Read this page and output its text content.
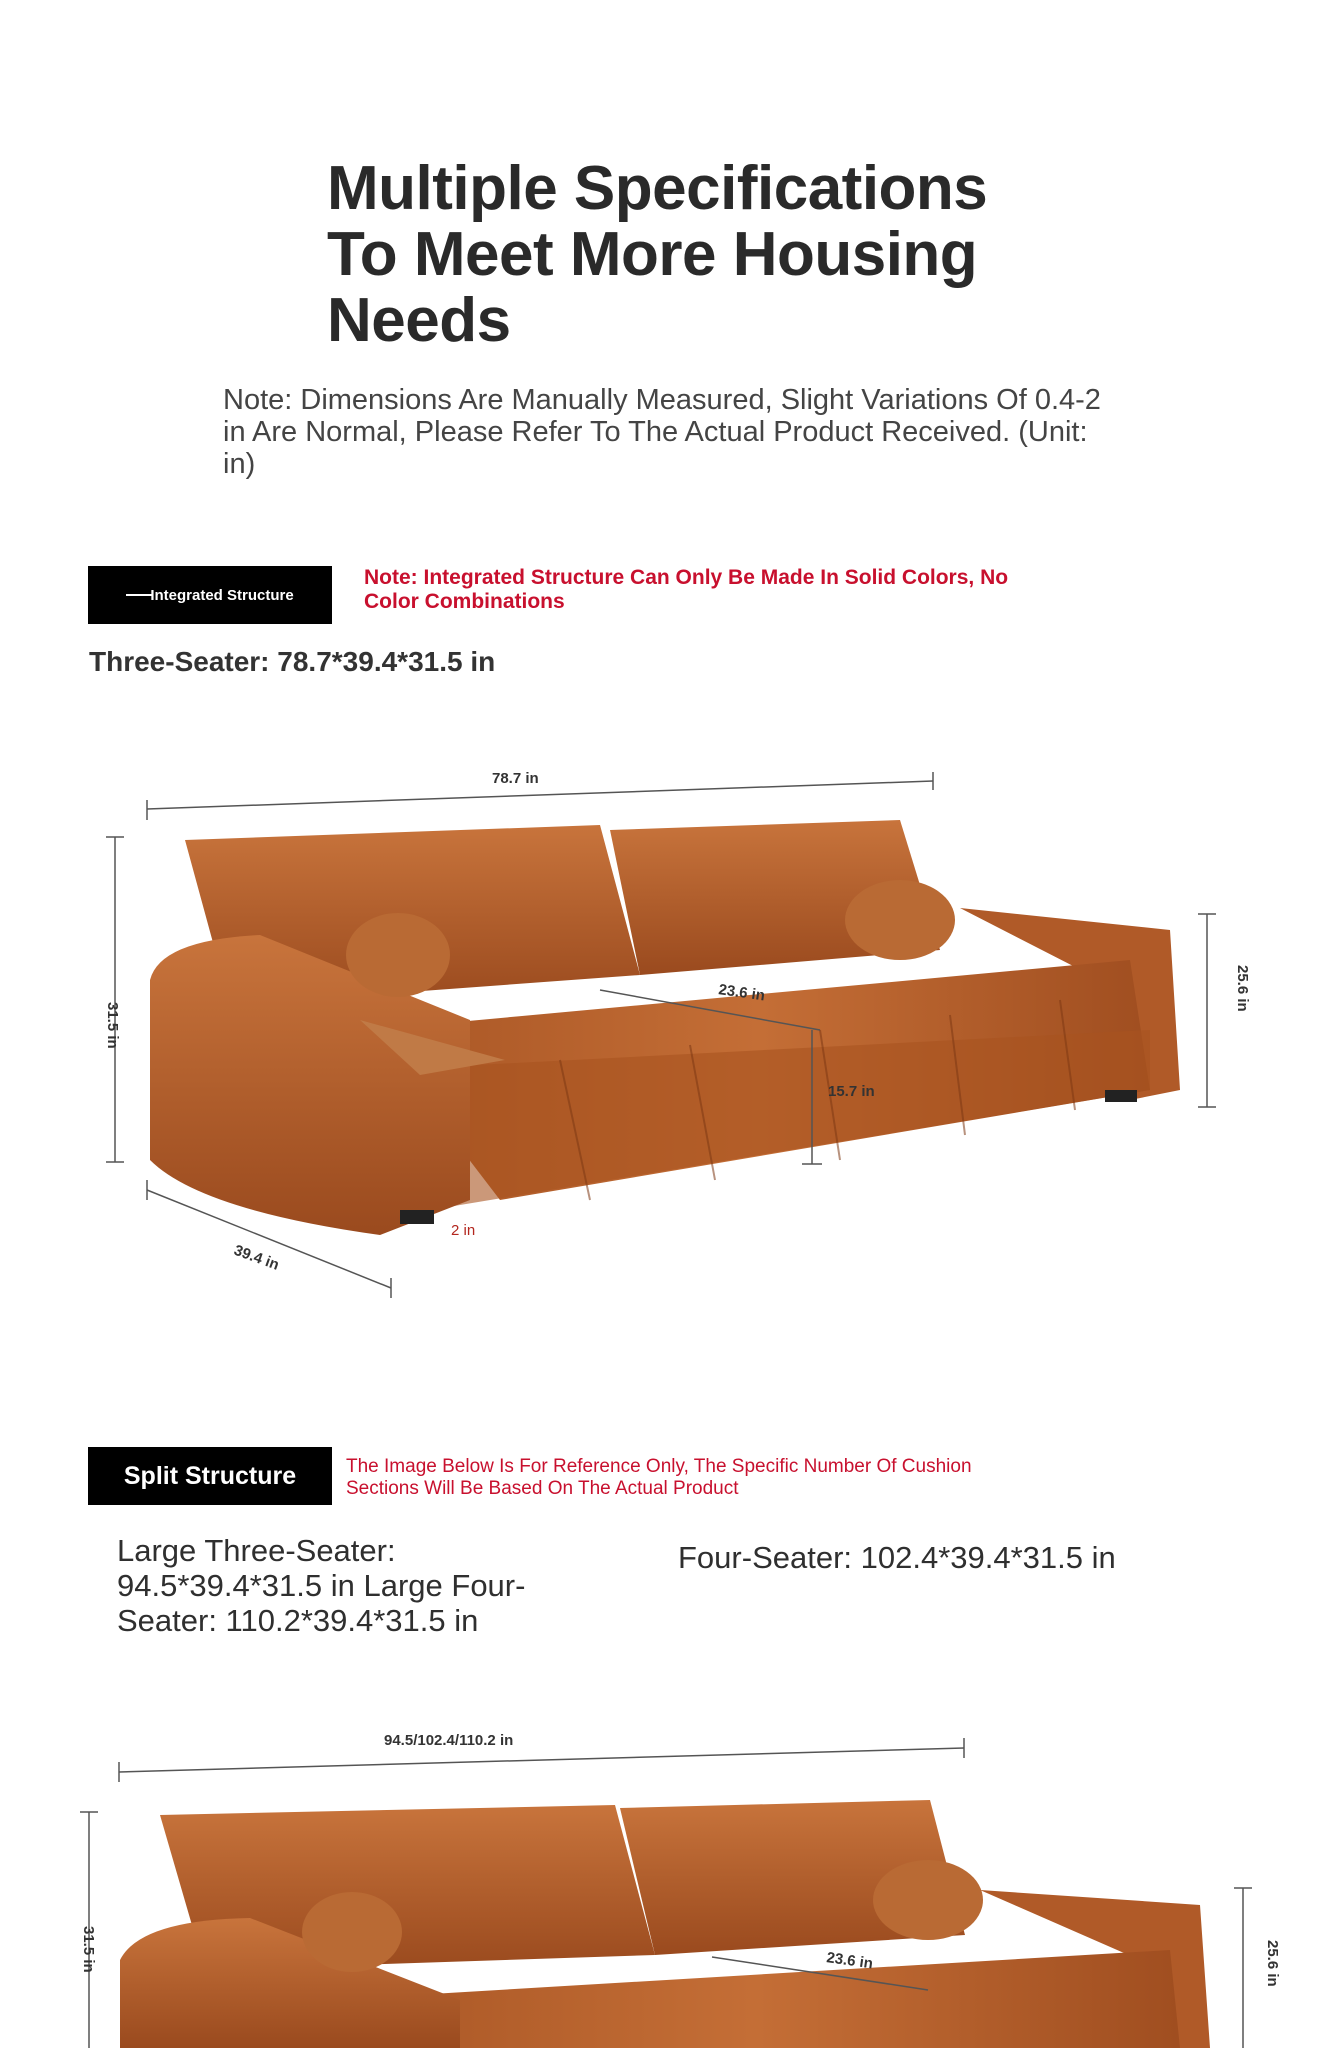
Multiple Specifications To Meet More Housing Needs
Note: Dimensions Are Manually Measured, Slight Variations Of 0.4-2 in Are Normal, Please Refer To The Actual Product Received. (Unit: in)
Integrated Structure
Note: Integrated Structure Can Only Be Made In Solid Colors, No Color Combinations
Three-Seater: 78.7*39.4*31.5 in
78.7 in
31.5 in
25.6 in
39.4 in
23.6 in
15.7 in
2 in
Split Structure	The Image Below Is For Reference Only, The Specific Number Of Cushion Sections Will Be Based On The Actual Product
Large Three-Seater: 94.5*39.4*31.5 in Large Four-Seater: 110.2*39.4*31.5 in
Four-Seater: 102.4*39.4*31.5 in
94.5/102.4/110.2 in
31.5 in	25.6 in
23.6 in
